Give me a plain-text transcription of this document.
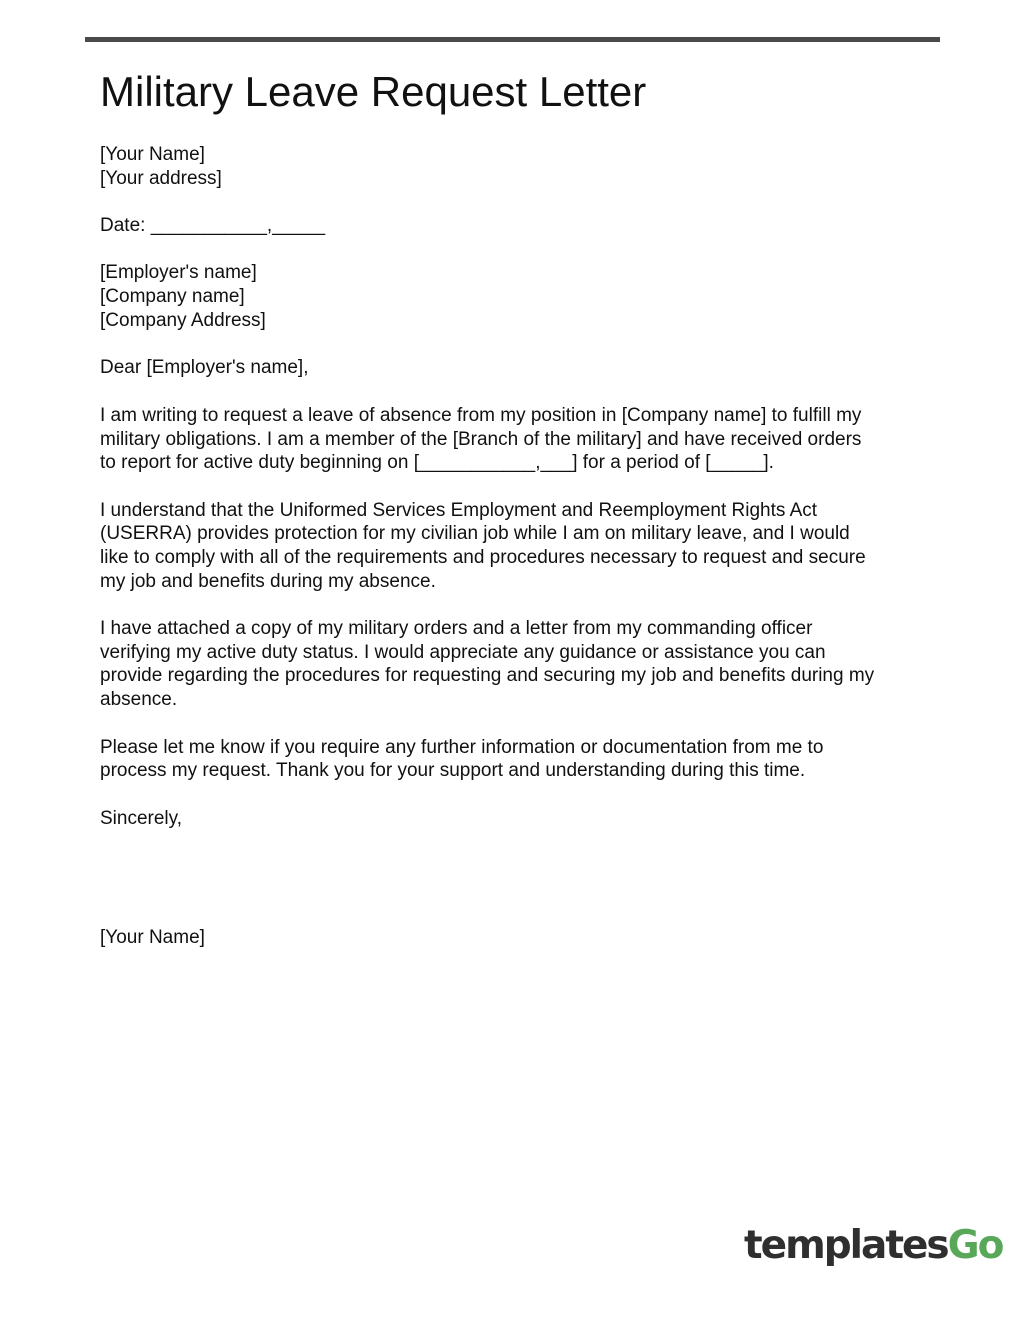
Military Leave Request Letter

[Your Name]

[Your address]

Date: ___________,_____

[Employer's name]

[Company name]

[Company Address]

Dear [Employer's name],

I am writing to request a leave of absence from my position in [Company name] to fulfill my

military obligations. I am a member of the [Branch of the military] and have received orders

to report for active duty beginning on [___________,___] for a period of [_____].

I understand that the Uniformed Services Employment and Reemployment Rights Act

(USERRA) provides protection for my civilian job while I am on military leave, and I would

like to comply with all of the requirements and procedures necessary to request and secure

my job and benefits during my absence.

I have attached a copy of my military orders and a letter from my commanding officer

verifying my active duty status. I would appreciate any guidance or assistance you can

provide regarding the procedures for requesting and securing my job and benefits during my

absence.

Please let me know if you require any further information or documentation from me to

process my request. Thank you for your support and understanding during this time.

Sincerely,

[Your Name]

templatesGo
